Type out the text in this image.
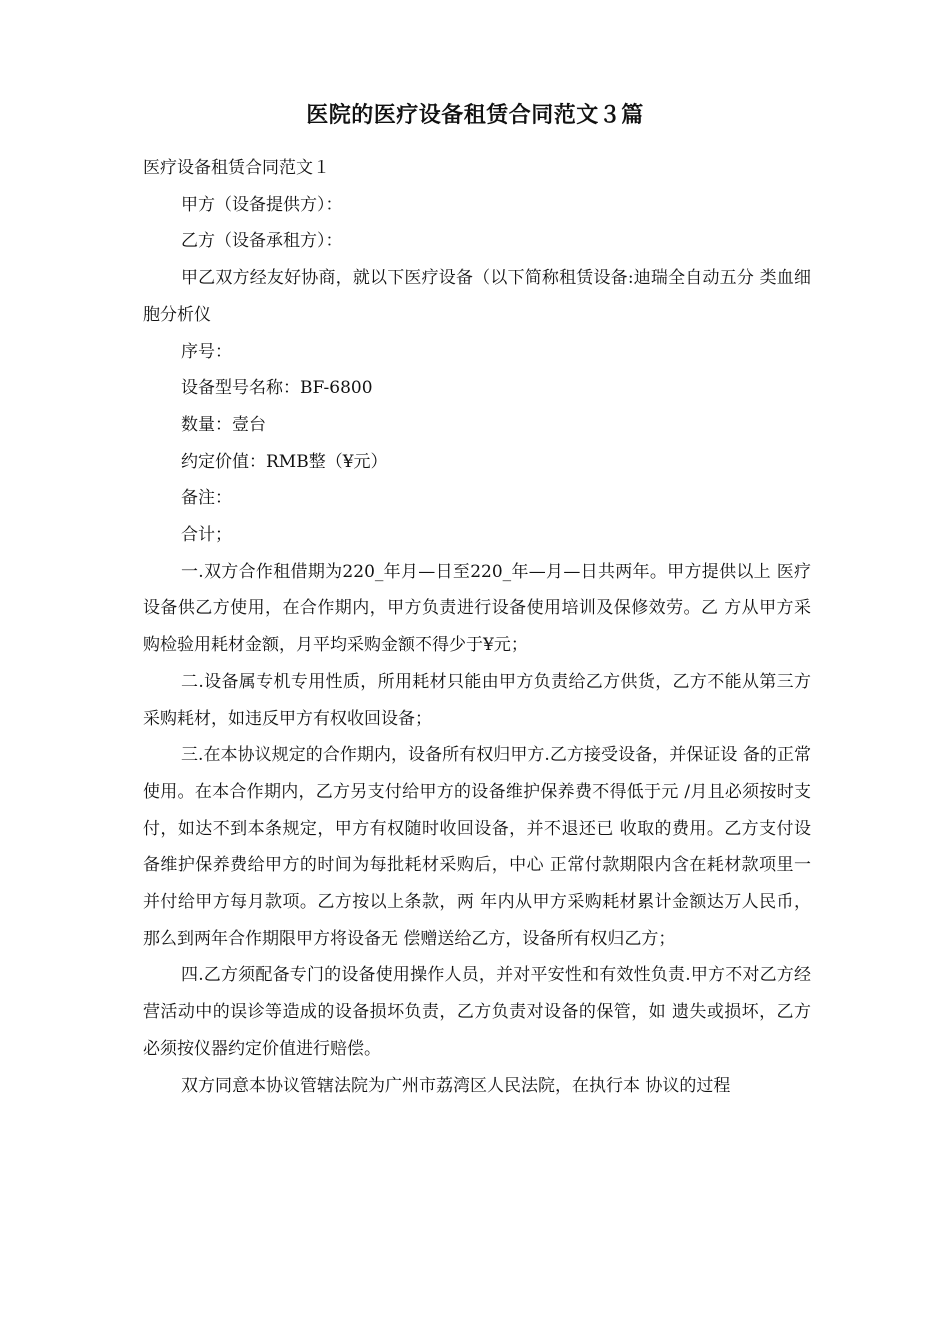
医院的医疗设备租赁合同范文３篇

医疗设备租赁合同范文１

甲方（设备提供方）：

乙方（设备承租方）：

甲乙双方经友好协商，就以下医疗设备（以下简称租赁设备:迪瑞全自动五分 类血细胞分析仪

序号：

设备型号名称：BF-6800

数量：壹台

约定价值：RMB整（¥元）

备注：

合计；

一.双方合作租借期为220_年月—日至220_年—月—日共两年。甲方提供以上 医疗设备供乙方使用，在合作期内，甲方负责进行设备使用培训及保修效劳。乙 方从甲方采购检验用耗材金额，月平均采购金额不得少于¥元；

二.设备属专机专用性质，所用耗材只能由甲方负责给乙方供货，乙方不能从第三方采购耗材，如违反甲方有权收回设备；

三.在本协议规定的合作期内，设备所有权归甲方.乙方接受设备，并保证设 备的正常使用。在本合作期内，乙方另支付给甲方的设备维护保养费不得低于元 /月且必须按时支付，如达不到本条规定，甲方有权随时收回设备，并不退还已 收取的费用。乙方支付设备维护保养费给甲方的时间为每批耗材采购后，中心 正常付款期限内含在耗材款项里一并付给甲方每月款项。乙方按以上条款，两 年内从甲方采购耗材累计金额达万人民币，那么到两年合作期限甲方将设备无 偿赠送给乙方，设备所有权归乙方；

四.乙方须配备专门的设备使用操作人员，并对平安性和有效性负责.甲方不对乙方经营活动中的误诊等造成的设备损坏负责，乙方负责对设备的保管，如 遗失或损坏，乙方必须按仪器约定价值进行赔偿。

双方同意本协议管辖法院为广州市荔湾区人民法院，在执行本 协议的过程
